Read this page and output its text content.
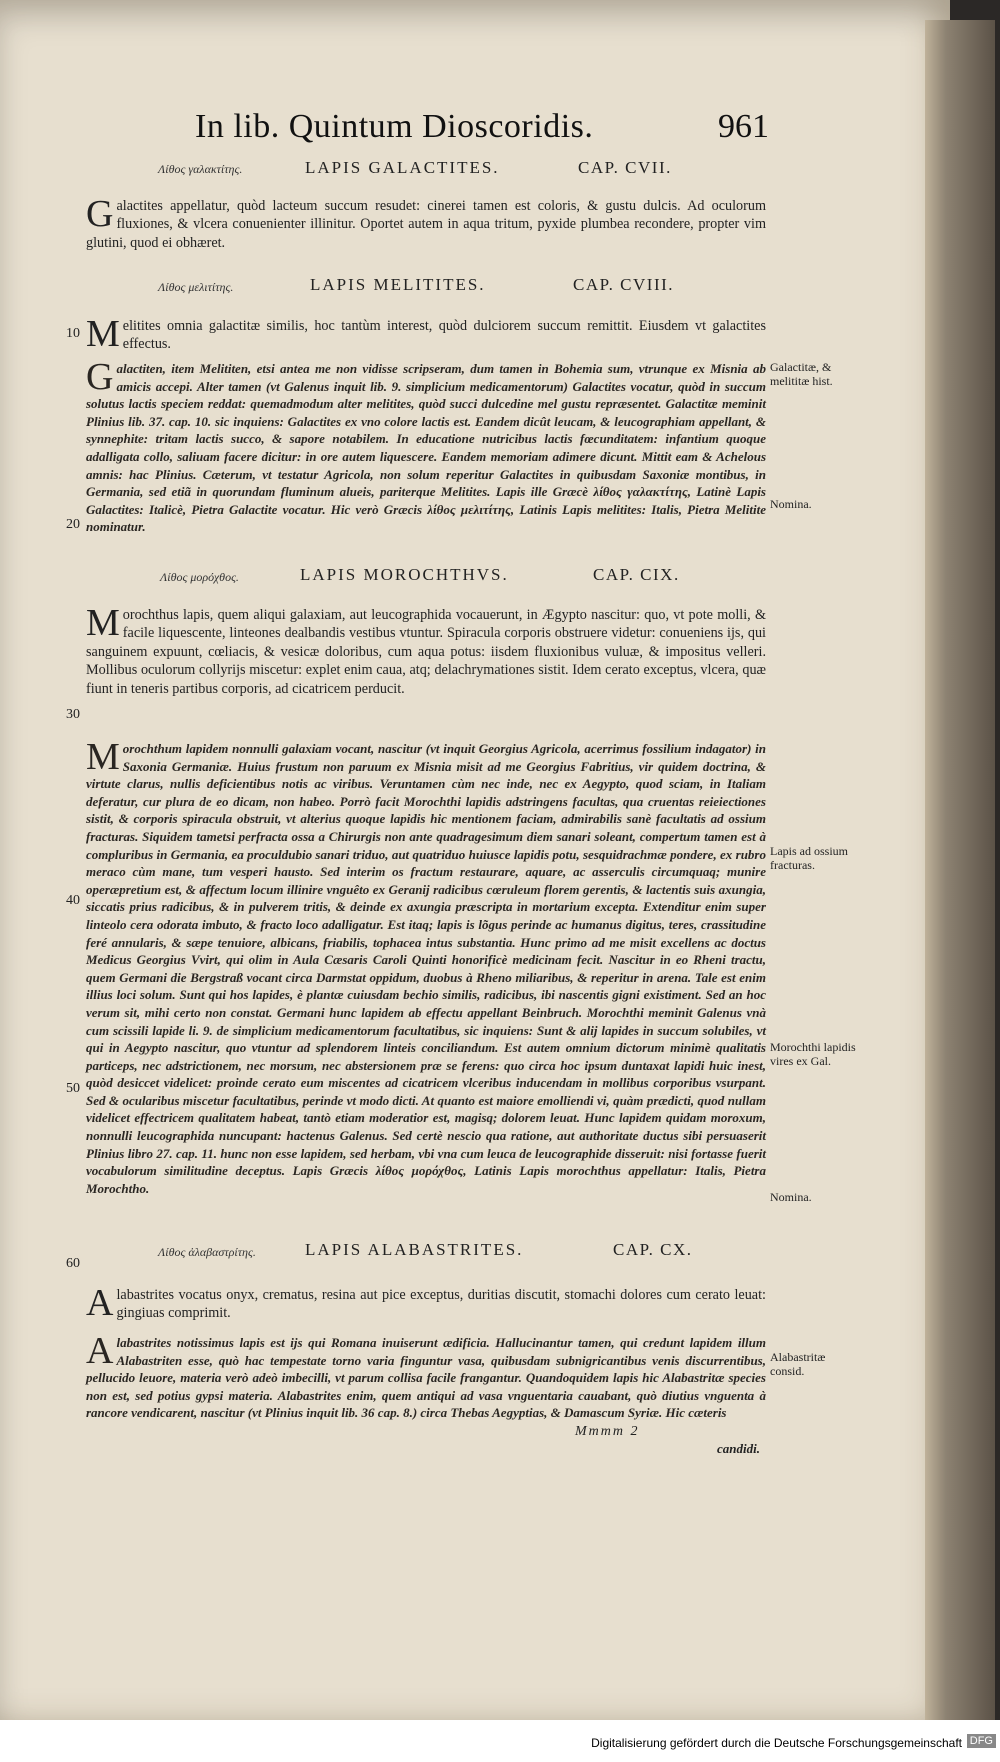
In lib. Quintum Dioscoridis.	961
Λίθος γαλακτίτης.	LAPIS GALACTITES.	CAP. CVII.
Galactites appellatur, quòd lacteum succum resudet: cinerei tamen est coloris, & gustu dulcis. Ad oculorum fluxiones, & vlcera conuenienter illinitur. Oportet autem in aqua tritum, pyxide plumbea recondere, propter vim glutini, quod ei obhæret.
Λίθος μελιτίτης.	LAPIS MELITITES.	CAP. CVIII.
Melitites omnia galactitæ similis, hoc tantùm interest, quòd dulciorem succum remittit. Eiusdem vt galactites effectus.
Galactiten, item Melititen, etsi antea me non vidisse scripseram, dum tamen in Bohemia sum, vtrunque ex Misnia ab amicis accepi. Alter tamen (vt Galenus inquit lib. 9. simplicium medicamentorum) Galactites vocatur, quòd in succum solutus lactis speciem reddat: quemadmodum alter melitites, quòd succi dulcedine mel gustu repræsentet. Galactitæ meminit Plinius lib. 37. cap. 10. sic inquiens: Galactites ex vno colore lactis est. Eandem dicût leucam, & leucographiam appellant, & synnephite: tritam lactis succo, & sapore notabilem. In educatione nutricibus lactis fœcunditatem: infantium quoque adalligata collo, saliuam facere dicitur: in ore autem liquescere. Eandem memoriam adimere dicunt. Mittit eam & Achelous amnis: hac Plinius. Cæterum, vt testatur Agricola, non solum reperitur Galactites in quibusdam Saxoniæ montibus, in Germania, sed etiã in quorundam fluminum alueis, pariterque Melitites. Lapis ille Græcè λίθος γαλακτίτης, Latinè Lapis Galactites: Italicè, Pietra Galactite vocatur. Hic verò Græcis λίθος μελιτίτης, Latinis Lapis melitites: Italis, Pietra Melitite nominatur.
Λίθος μορόχθος.	LAPIS MOROCHTHVS.	CAP. CIX.
Morochthus lapis, quem aliqui galaxiam, aut leucographida vocauerunt, in Ægypto nascitur: quo, vt pote molli, & facile liquescente, linteones dealbandis vestibus vtuntur. Spiracula corporis obstruere videtur: conueniens ijs, qui sanguinem expuunt, cœliacis, & vesicæ doloribus, cum aqua potus: iisdem fluxionibus vuluæ, & impositus velleri. Mollibus oculorum collyrijs miscetur: explet enim caua, atq; delachrymationes sistit. Idem cerato exceptus, vlcera, quæ fiunt in teneris partibus corporis, ad cicatricem perducit.
Morochthum lapidem nonnulli galaxiam vocant, nascitur (vt inquit Georgius Agricola, acerrimus fossilium indagator) in Saxonia Germaniæ. Huius frustum non paruum ex Misnia misit ad me Georgius Fabritius, vir quidem doctrina, & virtute clarus, nullis deficientibus notis ac viribus. Veruntamen cùm nec inde, nec ex Aegypto, quod sciam, in Italiam deferatur, cur plura de eo dicam, non habeo. Porrò facit Morochthi lapidis adstringens facultas, qua cruentas reieiectiones sistit, & corporis spiracula obstruit, vt alterius quoque lapidis hic mentionem faciam, admirabilis sanè facultatis ad ossium fracturas. Siquidem tametsi perfracta ossa a Chirurgis non ante quadragesimum diem sanari soleant, compertum tamen est à compluribus in Germania, ea proculdubio sanari triduo, aut quatriduo huiusce lapidis potu, sesquidrachmæ pondere, ex rubro meraco cùm mane, tum vesperi hausto. Sed interim os fractum restaurare, aquare, ac asserculis circumquaq; munire operæpretium est, & affectum locum illinire vnguêto ex Geranij radicibus cœruleum florem gerentis, & lactentis suis axungia, siccatis prius radicibus, & in pulverem tritis, & deinde ex axungia præscripta in mortarium excepta. Extenditur enim super linteolo cera odorata imbuto, & fracto loco adalligatur. Est itaq; lapis is lõgus perinde ac humanus digitus, teres, crassitudine feré annularis, & sæpe tenuiore, albicans, friabilis, tophacea intus substantia. Hunc primo ad me misit excellens ac doctus Medicus Georgius Vvirt, qui olim in Aula Cæsaris Caroli Quinti honorificè medicinam fecit. Nascitur in eo Rheni tractu, quem Germani die Bergstraß vocant circa Darmstat oppidum, duobus à Rheno miliaribus, & reperitur in arena. Tale est enim illius loci solum. Sunt qui hos lapides, è plantæ cuiusdam bechio similis, radicibus, ibi nascentis gigni existiment. Sed an hoc verum sit, mihi certo non constat. Germani hunc lapidem ab effectu appellant Beinbruch. Morochthi meminit Galenus vnà cum scissili lapide li. 9. de simplicium medicamentorum facultatibus, sic inquiens: Sunt & alij lapides in succum solubiles, vt qui in Aegypto nascitur, quo vtuntur ad splendorem linteis conciliandum. Est autem omnium dictorum minimè qualitatis particeps, nec adstrictionem, nec morsum, nec abstersionem præ se ferens: quo circa hoc ipsum duntaxat lapidi huic inest, quòd desiccet videlicet: proinde cerato eum miscentes ad cicatricem vlceribus inducendam in mollibus corporibus vsurpant. Sed & ocularibus miscetur facultatibus, perinde vt modo dicti. At quanto est maiore emolliendi vi, quàm prædicti, quod nullam videlicet effectricem qualitatem habeat, tantò etiam moderatior est, magisq; dolorem leuat. Hunc lapidem quidam moroxum, nonnulli leucographida nuncupant: hactenus Galenus. Sed certè nescio qua ratione, aut authoritate ductus sibi persuaserit Plinius libro 27. cap. 11. hunc non esse lapidem, sed herbam, vbi vna cum leuca de leucographide disseruit: nisi fortasse fuerit vocabulorum similitudine deceptus. Lapis Græcis λίθος μορόχθος, Latinis Lapis morochthus appellatur: Italis, Pietra Morochtho.
Λίθος ἀλαβαστρίτης.	LAPIS ALABASTRITES.	CAP. CX.
Alabastrites vocatus onyx, crematus, resina aut pice exceptus, duritias discutit, stomachi dolores cum cerato leuat: gingiuas comprimit.
Alabastrites notissimus lapis est ijs qui Romana inuiserunt ædificia. Hallucinantur tamen, qui credunt lapidem illum Alabastriten esse, quò hac tempestate torno varia finguntur vasa, quibusdam subnigricantibus venis discurrentibus, pellucido leuore, materia verò adeò imbecilli, vt parum collisa facile frangantur. Quandoquidem lapis hic Alabastritæ species non est, sed potius gypsi materia. Alabastrites enim, quem antiqui ad vasa vnguentaria cauabant, quò diutius vnguenta à rancore vendicarent, nascitur (vt Plinius inquit lib. 36 cap. 8.) circa Thebas Aegyptias, & Damascum Syriæ. Hic cæteris
Galactitæ, & melititæ hist.
Nomina.
Lapis ad ossium fracturas.
Morochthi lapidis vires ex Gal.
Nomina.
Alabastritæ consid.
10
20
30
40
50
60
Mmmm 2
candidi.
Digitalisierung gefördert durch die Deutsche Forschungsgemeinschaft DFG
